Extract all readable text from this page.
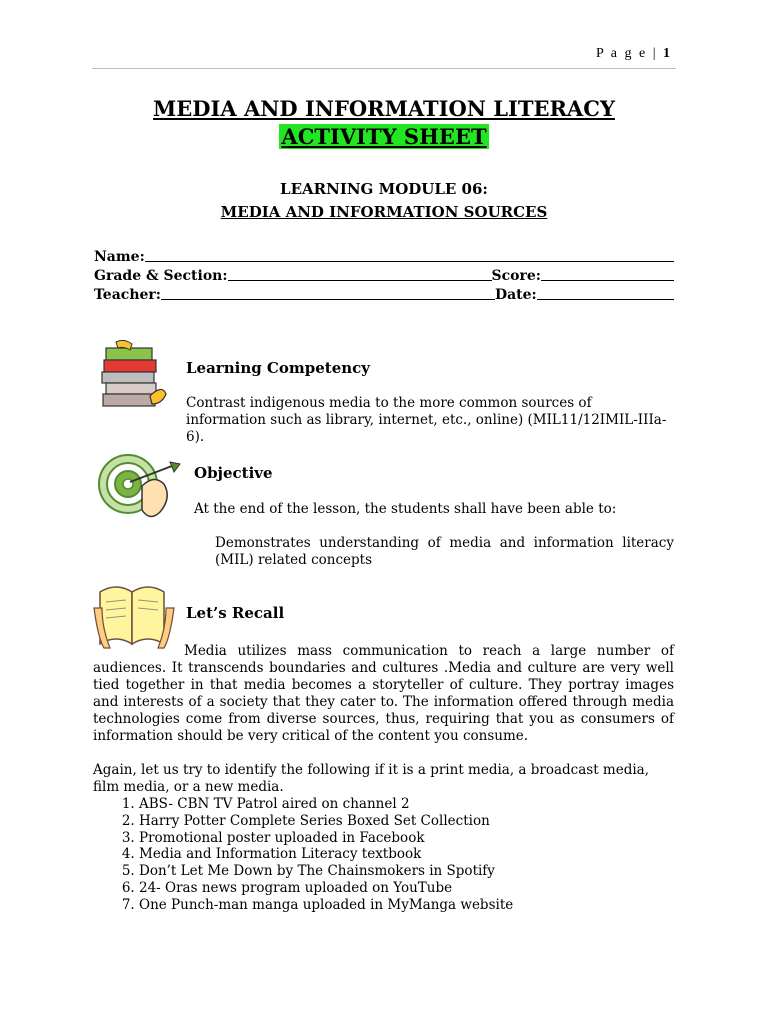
P a g e | 1
MEDIA AND INFORMATION LITERACY
ACTIVITY SHEET
LEARNING MODULE 06:
MEDIA AND INFORMATION SOURCES
Name:
Grade & Section:	Score:
Teacher:	Date:
Learning Competency
Contrast indigenous media to the more common sources of information such as library, internet, etc., online) (MIL11/12IMIL-IIIa-6).
Objective
At the end of the lesson, the students shall have been able to:
Demonstrates understanding of media and information literacy (MIL) related concepts
Let’s Recall
Media utilizes mass communication to reach a large number of audiences. It transcends boundaries and cultures .Media and culture are very well tied together in that media becomes a storyteller of culture. They portray images and interests of a society that they cater to. The information offered through media technologies come from diverse sources, thus, requiring that you as consumers of information should be very critical of the content you consume.
Again, let us try to identify the following if it is a print media, a broadcast media, film media, or a new media.
1. ABS- CBN TV Patrol aired on channel 2
2. Harry Potter Complete Series Boxed Set Collection
3. Promotional poster uploaded in Facebook
4. Media and Information Literacy textbook
5. Don’t Let Me Down by The Chainsmokers in Spotify
6. 24- Oras news program uploaded on YouTube
7. One Punch-man manga uploaded in MyManga website
